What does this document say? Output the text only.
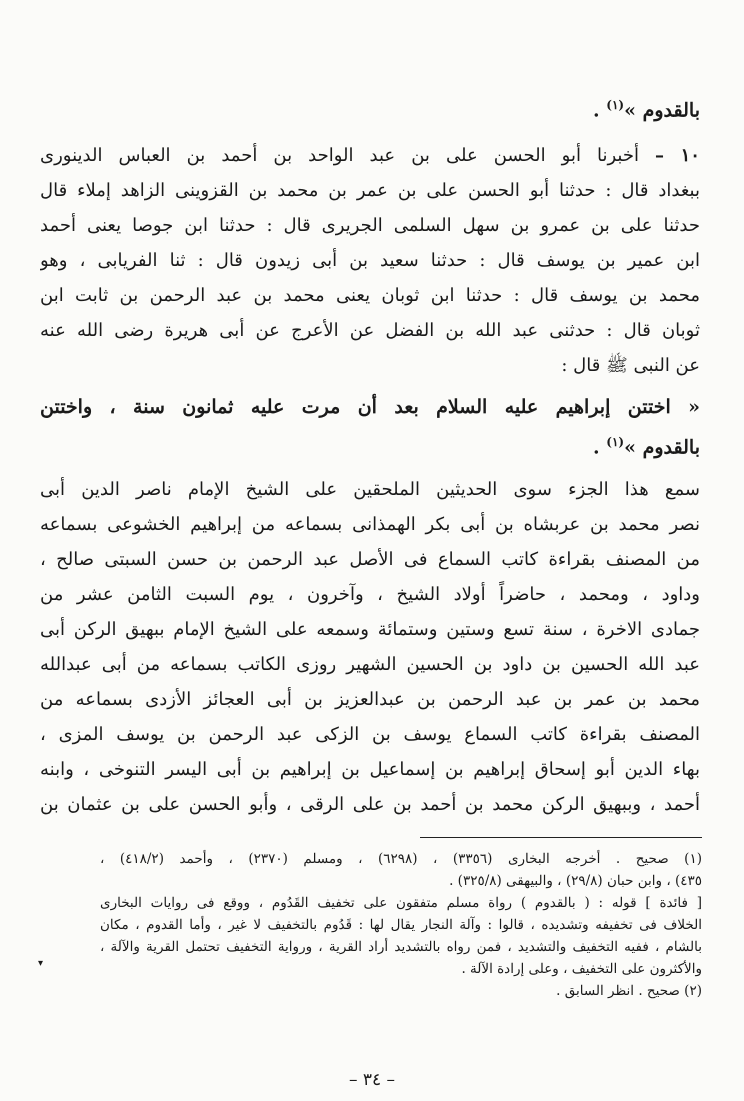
بالقدوم »$^{(١)}$ .
١٠ – أخبرنا أبو الحسن على بن عبد الواحد بن أحمد بن العباس الدينورى
ببغداد قال : حدثنا أبو الحسن على بن عمر بن محمد بن القزوينى الزاهد إملاء قال
حدثنا على بن عمرو بن سهل السلمى الجريرى قال : حدثنا ابن جوصا يعنى أحمد
ابن عمير بن يوسف قال : حدثنا سعيد بن أبى زيدون قال : ثنا الفريابى ، وهو
محمد بن يوسف قال : حدثنا ابن ثوبان يعنى محمد بن عبد الرحمن بن ثابت ابن
ثوبان قال : حدثنى عبد الله بن الفضل عن الأعرج عن أبى هريرة رضى الله عنه
عن النبى ﷺ قال :
« اختتن إبراهيم عليه السلام بعد أن مرت عليه ثمانون سنة ، واختتن
بالقدوم »$^{(١)}$ .
سمع هذا الجزء سوى الحديثين الملحقين على الشيخ الإمام ناصر الدين أبى
نصر محمد بن عربشاه بن أبى بكر الهمذانى بسماعه من إبراهيم الخشوعى بسماعه
من المصنف بقراءة كاتب السماع فى الأصل عبد الرحمن بن حسن السبتى صالح ،
وداود ، ومحمد ، حاضراً أولاد الشيخ ، وآخرون ، يوم السبت الثامن عشر من
جمادى الاخرة ، سنة تسع وستين وستمائة وسمعه على الشيخ الإمام ببهيق الركن أبى
عبد الله الحسين بن داود بن الحسين الشهير روزى الكاتب بسماعه من أبى عبدالله
محمد بن عمر بن عبد الرحمن بن عبدالعزيز بن أبى العجائز الأزدى بسماعه من
المصنف بقراءة كاتب السماع يوسف بن الزكى عبد الرحمن بن يوسف المزى ،
بهاء الدين أبو إسحاق إبراهيم بن إسماعيل بن إبراهيم بن أبى اليسر التنوخى ، وابنه
أحمد ، وببهيق الركن محمد بن أحمد بن على الرقى ، وأبو الحسن على بن عثمان بن
(١) صحيح . أخرجه البخارى (٣٣٥٦) ، (٦٢٩٨) ، ومسلم (٢٣٧٠) ، وأحمد (٤١٨/٢) ،
٤٣٥) ، وابن حبان (٢٩/٨) ، والبيهقى (٣٢٥/٨) .
[ فائدة ] قوله : ( بالقدوم ) رواة مسلم متفقون على تخفيف القَدُوم ، ووقع فى روايات البخارى
الخلاف فى تخفيفه وتشديده ، قالوا : وآلة النجار يقال لها : قَدُوم بالتخفيف لا غير ، وأما القدوم ، مكان
بالشام ، ففيه التخفيف والتشديد ، فمن رواه بالتشديد أراد القرية ، ورواية التخفيف تحتمل القرية والآلة ،
والأكثرون على التخفيف ، وعلى إرادة الآلة .
(٢) صحيح . انظر السابق .
▾
– ٣٤ –
